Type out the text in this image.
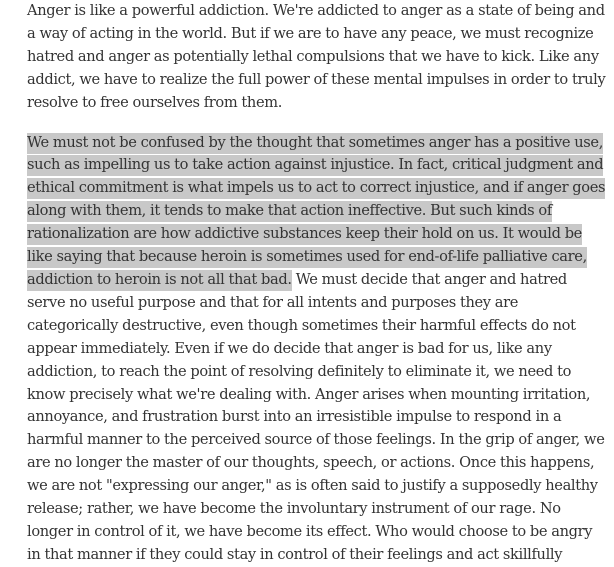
Anger is like a powerful addiction. We're addicted to anger as a state of being and a way of acting in the world. But if we are to have any peace, we must recognize hatred and anger as potentially lethal compulsions that we have to kick. Like any addict, we have to realize the full power of these mental impulses in order to truly resolve to free ourselves from them.

We must not be confused by the thought that sometimes anger has a positive use, such as impelling us to take action against injustice. In fact, critical judgment and ethical commitment is what impels us to act to correct injustice, and if anger goes along with them, it tends to make that action ineffective. But such kinds of rationalization are how addictive substances keep their hold on us. It would be like saying that because heroin is sometimes used for end-of-life palliative care, addiction to heroin is not all that bad. We must decide that anger and hatred serve no useful purpose and that for all intents and purposes they are categorically destructive, even though sometimes their harmful effects do not appear immediately. Even if we do decide that anger is bad for us, like any addiction, to reach the point of resolving definitely to eliminate it, we need to know precisely what we're dealing with. Anger arises when mounting irritation, annoyance, and frustration burst into an irresistible impulse to respond in a harmful manner to the perceived source of those feelings. In the grip of anger, we are no longer the master of our thoughts, speech, or actions. Once this happens, we are not "expressing our anger," as is often said to justify a supposedly healthy release; rather, we have become the involuntary instrument of our rage. No longer in control of it, we have become its effect. Who would choose to be angry in that manner if they could stay in control of their feelings and act skillfully
